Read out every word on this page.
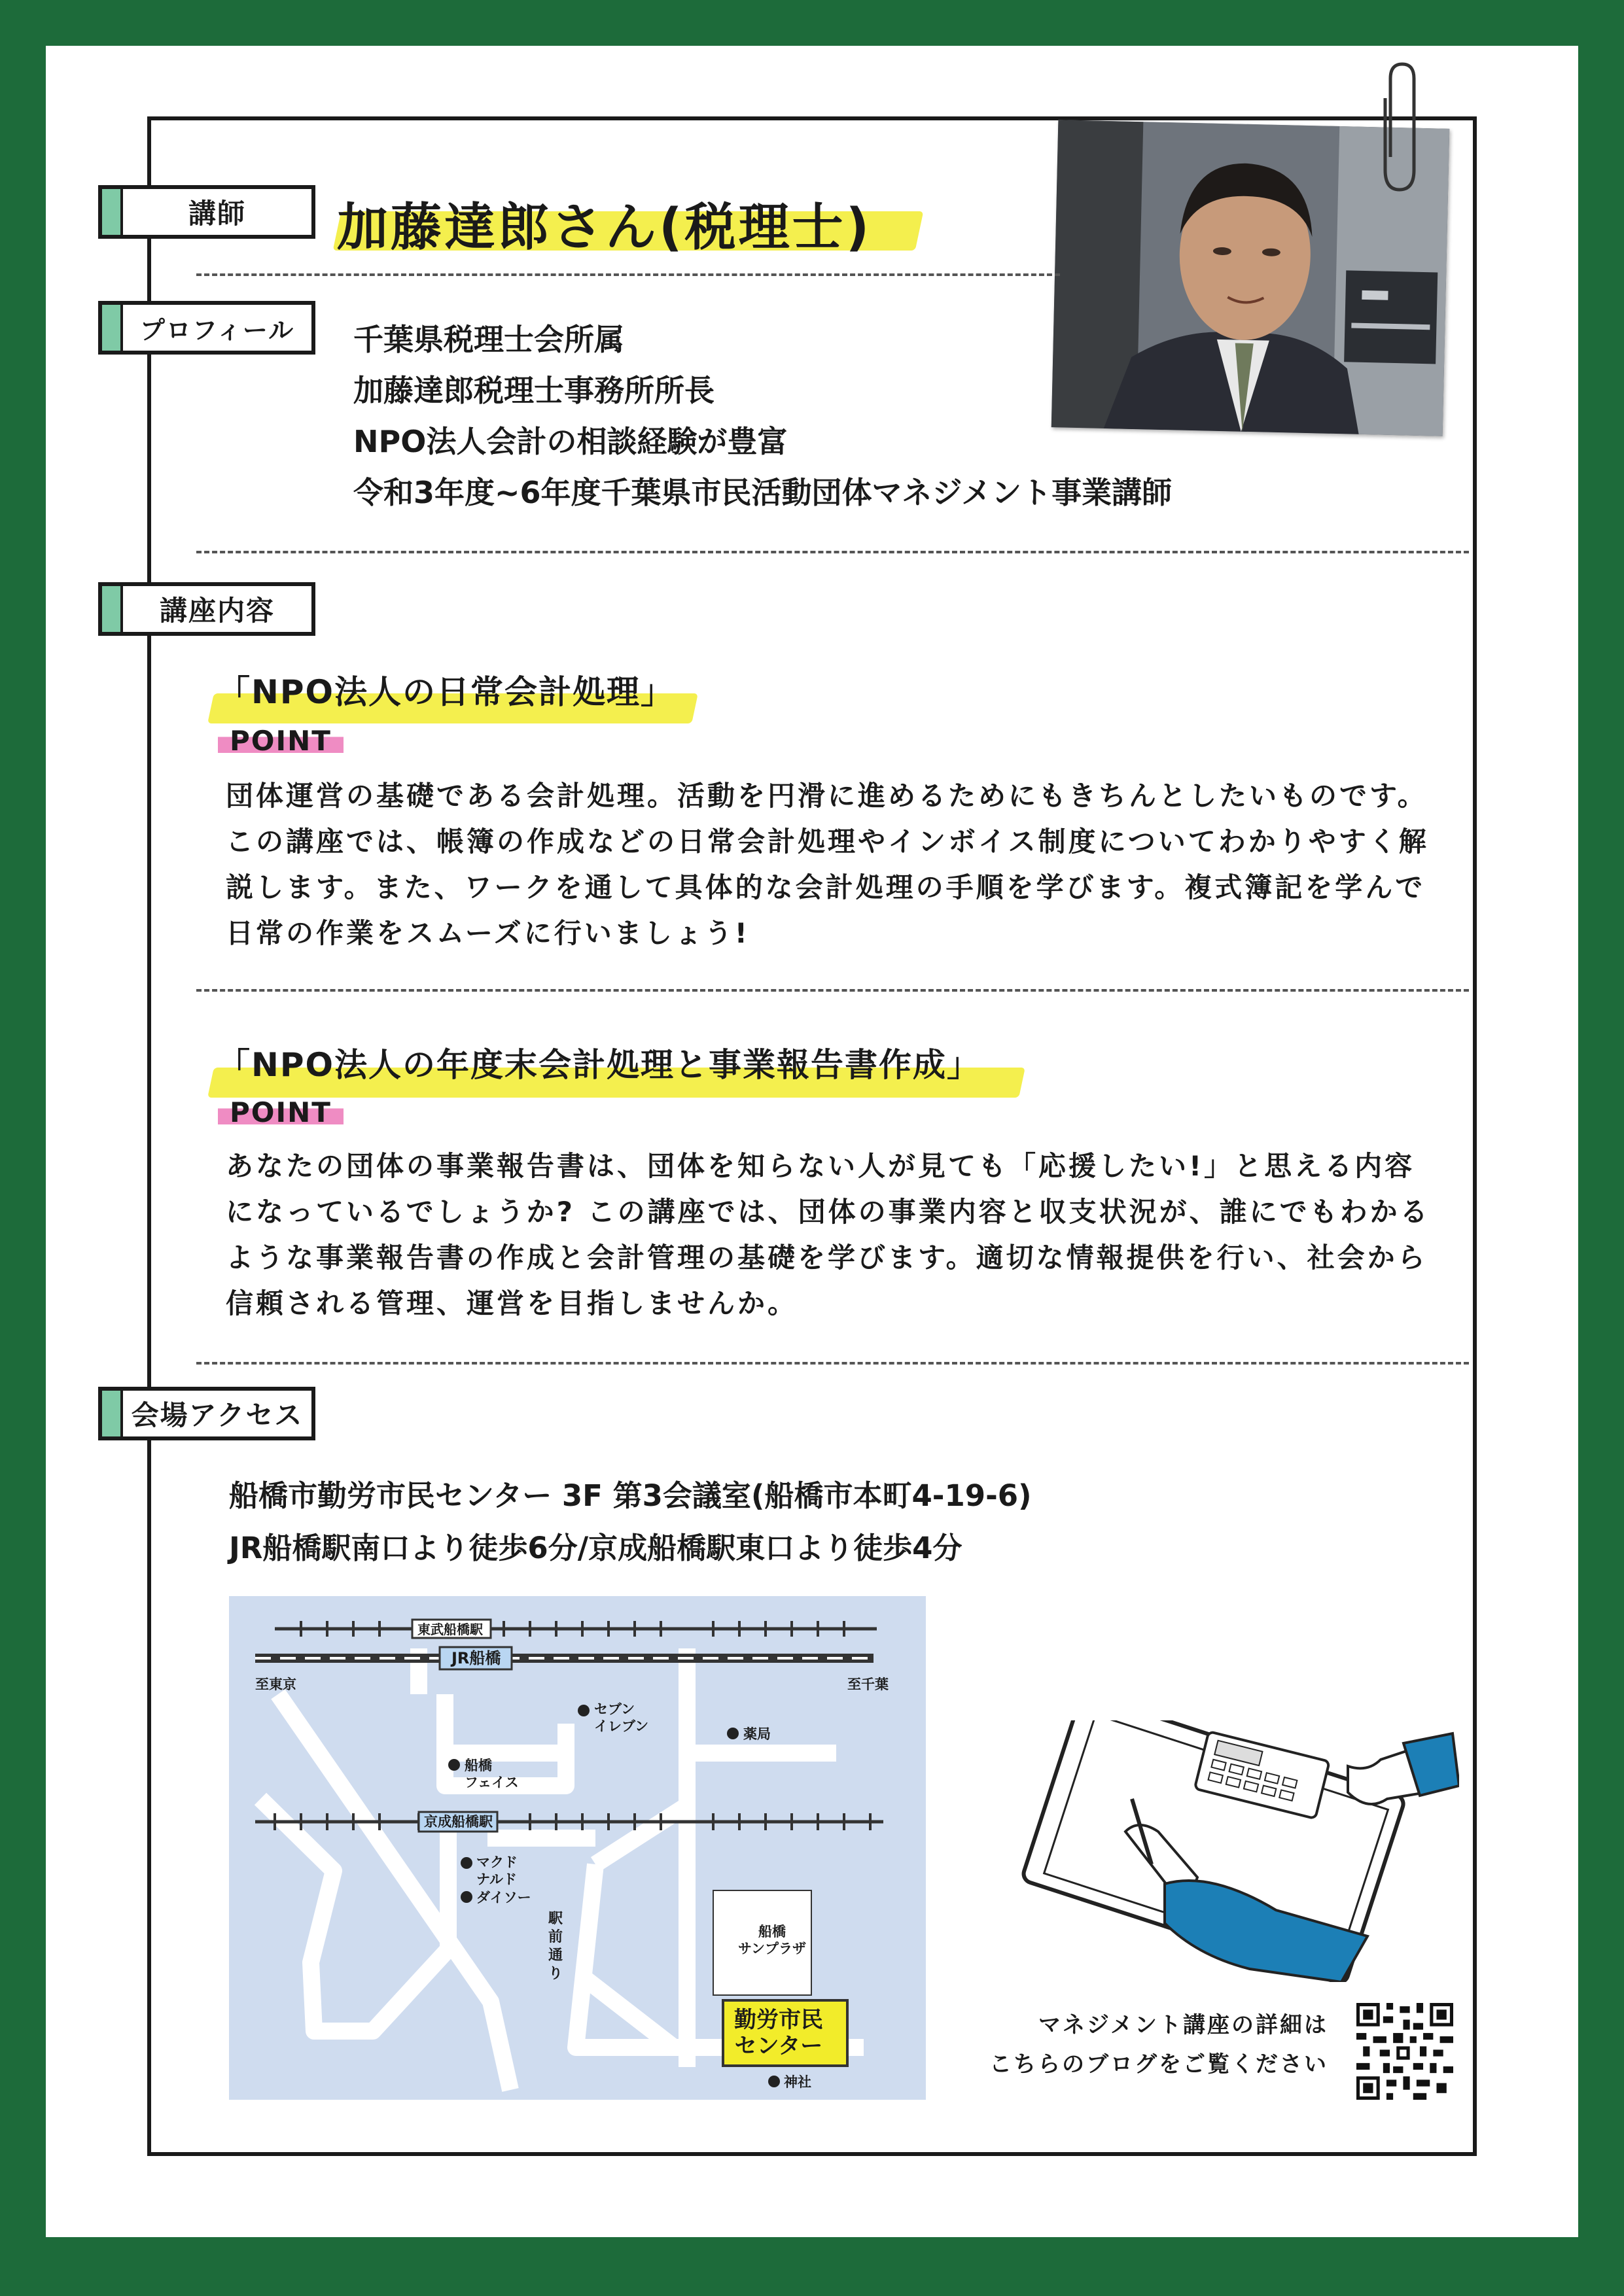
講師	加藤達郎さん(税理士)
プロフィール	千葉県税理士会所属
加藤達郎税理士事務所所長
NPO法人会計の相談経験が豊富
令和3年度~6年度千葉県市民活動団体マネジメント事業講師
講座内容
「NPO法人の日常会計処理」
POINT
団体運営の基礎である会計処理。活動を円滑に進めるためにもきちんとしたいものです。
この講座では、帳簿の作成などの日常会計処理やインボイス制度についてわかりやすく解
説します。また、ワークを通して具体的な会計処理の手順を学びます。複式簿記を学んで
日常の作業をスムーズに行いましょう!
「NPO法人の年度末会計処理と事業報告書作成」
POINT
あなたの団体の事業報告書は、団体を知らない人が見ても「応援したい!」と思える内容
になっているでしょうか? この講座では、団体の事業内容と収支状況が、誰にでもわかる
ような事業報告書の作成と会計管理の基礎を学びます。適切な情報提供を行い、社会から
信頼される管理、運営を目指しませんか。
会場アクセス
船橋市勤労市民センター 3F 第3会議室(船橋市本町4-19-6)
JR船橋駅南口より徒歩6分/京成船橋駅東口より徒歩4分
東武船橋駅
JR船橋
京成船橋駅
至東京	至千葉
セブン
イレブン	薬局
船橋
フェイス
マクド
ナルド
ダイソー
駅前通り
船橋
サンプラザ
勤労市民
センター
神社
マネジメント講座の詳細は
こちらのブログをご覧ください
